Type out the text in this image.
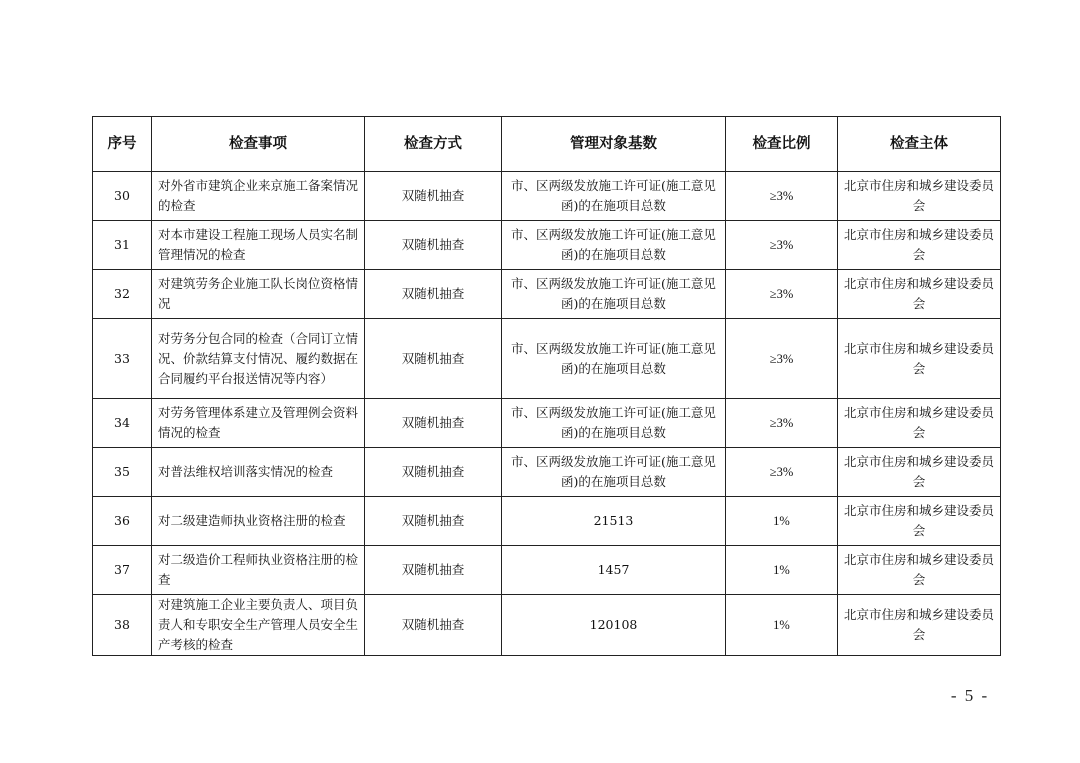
序号	检查事项	检查方式	管理对象基数	检查比例	检查主体
30	对外省市建筑企业来京施工备案情况的检查	双随机抽查	市、区两级发放施工许可证(施工意见函)的在施项目总数	≥3%	北京市住房和城乡建设委员会
31	对本市建设工程施工现场人员实名制管理情况的检查	双随机抽查	市、区两级发放施工许可证(施工意见函)的在施项目总数	≥3%	北京市住房和城乡建设委员会
32	对建筑劳务企业施工队长岗位资格情况	双随机抽查	市、区两级发放施工许可证(施工意见函)的在施项目总数	≥3%	北京市住房和城乡建设委员会
33	对劳务分包合同的检查（合同订立情况、价款结算支付情况、履约数据在合同履约平台报送情况等内容）	双随机抽查	市、区两级发放施工许可证(施工意见函)的在施项目总数	≥3%	北京市住房和城乡建设委员会
34	对劳务管理体系建立及管理例会资料情况的检查	双随机抽查	市、区两级发放施工许可证(施工意见函)的在施项目总数	≥3%	北京市住房和城乡建设委员会
35	对普法维权培训落实情况的检查	双随机抽查	市、区两级发放施工许可证(施工意见函)的在施项目总数	≥3%	北京市住房和城乡建设委员会
36	对二级建造师执业资格注册的检查	双随机抽查	21513	1%	北京市住房和城乡建设委员会
37	对二级造价工程师执业资格注册的检查	双随机抽查	1457	1%	北京市住房和城乡建设委员会
38	对建筑施工企业主要负责人、项目负责人和专职安全生产管理人员安全生产考核的检查	双随机抽查	120108	1%	北京市住房和城乡建设委员会
- 5 -
